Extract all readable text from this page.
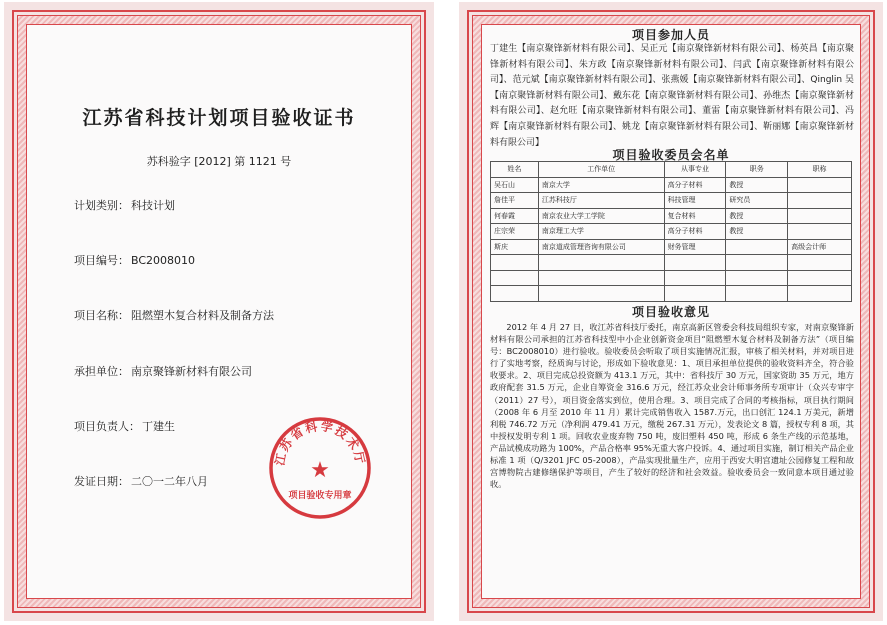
江苏省科技计划项目验收证书
苏科验字 [2012] 第 1121 号
计划类别： 科技计划
项目编号： BC2008010
项目名称： 阻燃塑木复合材料及制备方法
承担单位： 南京聚锋新材料有限公司
项目负责人： 丁建生
发证日期： 二〇一二年八月
江苏省科学技术厅
★
项目验收专用章
项目参加人员
丁建生【南京聚锋新材料有限公司】、吴正元【南京聚锋新材料有限公司】、杨英昌【南京聚锋新材料有限公司】、朱方政【南京聚锋新材料有限公司】、闫武【南京聚锋新材料有限公司】、范元斌【南京聚锋新材料有限公司】、张燕媛【南京聚锋新材料有限公司】、Qinglin 吴【南京聚锋新材料有限公司】、戴东花【南京聚锋新材料有限公司】、孙维杰【南京聚锋新材料有限公司】、赵允旺【南京聚锋新材料有限公司】、董雷【南京聚锋新材料有限公司】、冯辉【南京聚锋新材料有限公司】、姚龙【南京聚锋新材料有限公司】、靳丽娜【南京聚锋新材料有限公司】
项目验收委员会名单
姓名	工作单位	从事专业	职务	职称
吴石山	南京大学	高分子材料	教授	
詹佳平	江苏科技厅	科技管理	研究员	
何春霞	南京农业大学工学院	复合材料	教授	
庄宗荣	南京理工大学	高分子材料	教授	
斯庆	南京道成管理咨询有限公司	财务管理		高级会计师

项目验收意见
2012 年 4 月 27 日，收江苏省科技厅委托，南京高新区管委会科技局组织专家，对南京聚锋新材料有限公司承担的江苏省科技型中小企业创新资金项目“阻燃塑木复合材料及制备方法”（项目编号：BC2008010）进行验收。验收委员会听取了项目实施情况汇报，审核了相关材料，并对项目进行了实地考察，经质询与讨论，形成如下验收意见：1、项目承担单位提供的验收资料齐全，符合验收要求。2、项目完成总投资额为 413.1 万元，其中：省科技厅 30 万元，国家资助 35 万元，地方政府配套 31.5 万元，企业自筹资金 316.6 万元，经江苏众业会计师事务所专项审计（众兴专审字（2011）27 号），项目资金落实到位，使用合理。3、项目完成了合同的考核指标，项目执行期间（2008 年 6 月至 2010 年 11 月）累计完成销售收入 1587.万元，出口创汇 124.1 万美元，新增利税 746.72 万元（净利润 479.41 万元，缴税 267.31 万元），发表论文 8 篇，授权专利 8 项，其中授权发明专利 1 项。回收农业废弃物 750 吨，废旧塑料 450 吨，形成 6 条生产线的示范基地，产品试模成功路为 100%，产品合格率 95%无重大客户投诉。4、通过项目实施，制订相关产品企业标准 1 项（Q/3201 JFC 05-2008），产品实现批量生产，应用于西安大明宫遗址公园修复工程和故宫博物院古建修缮保护等项目，产生了较好的经济和社会效益。验收委员会一致同意本项目通过验收。
